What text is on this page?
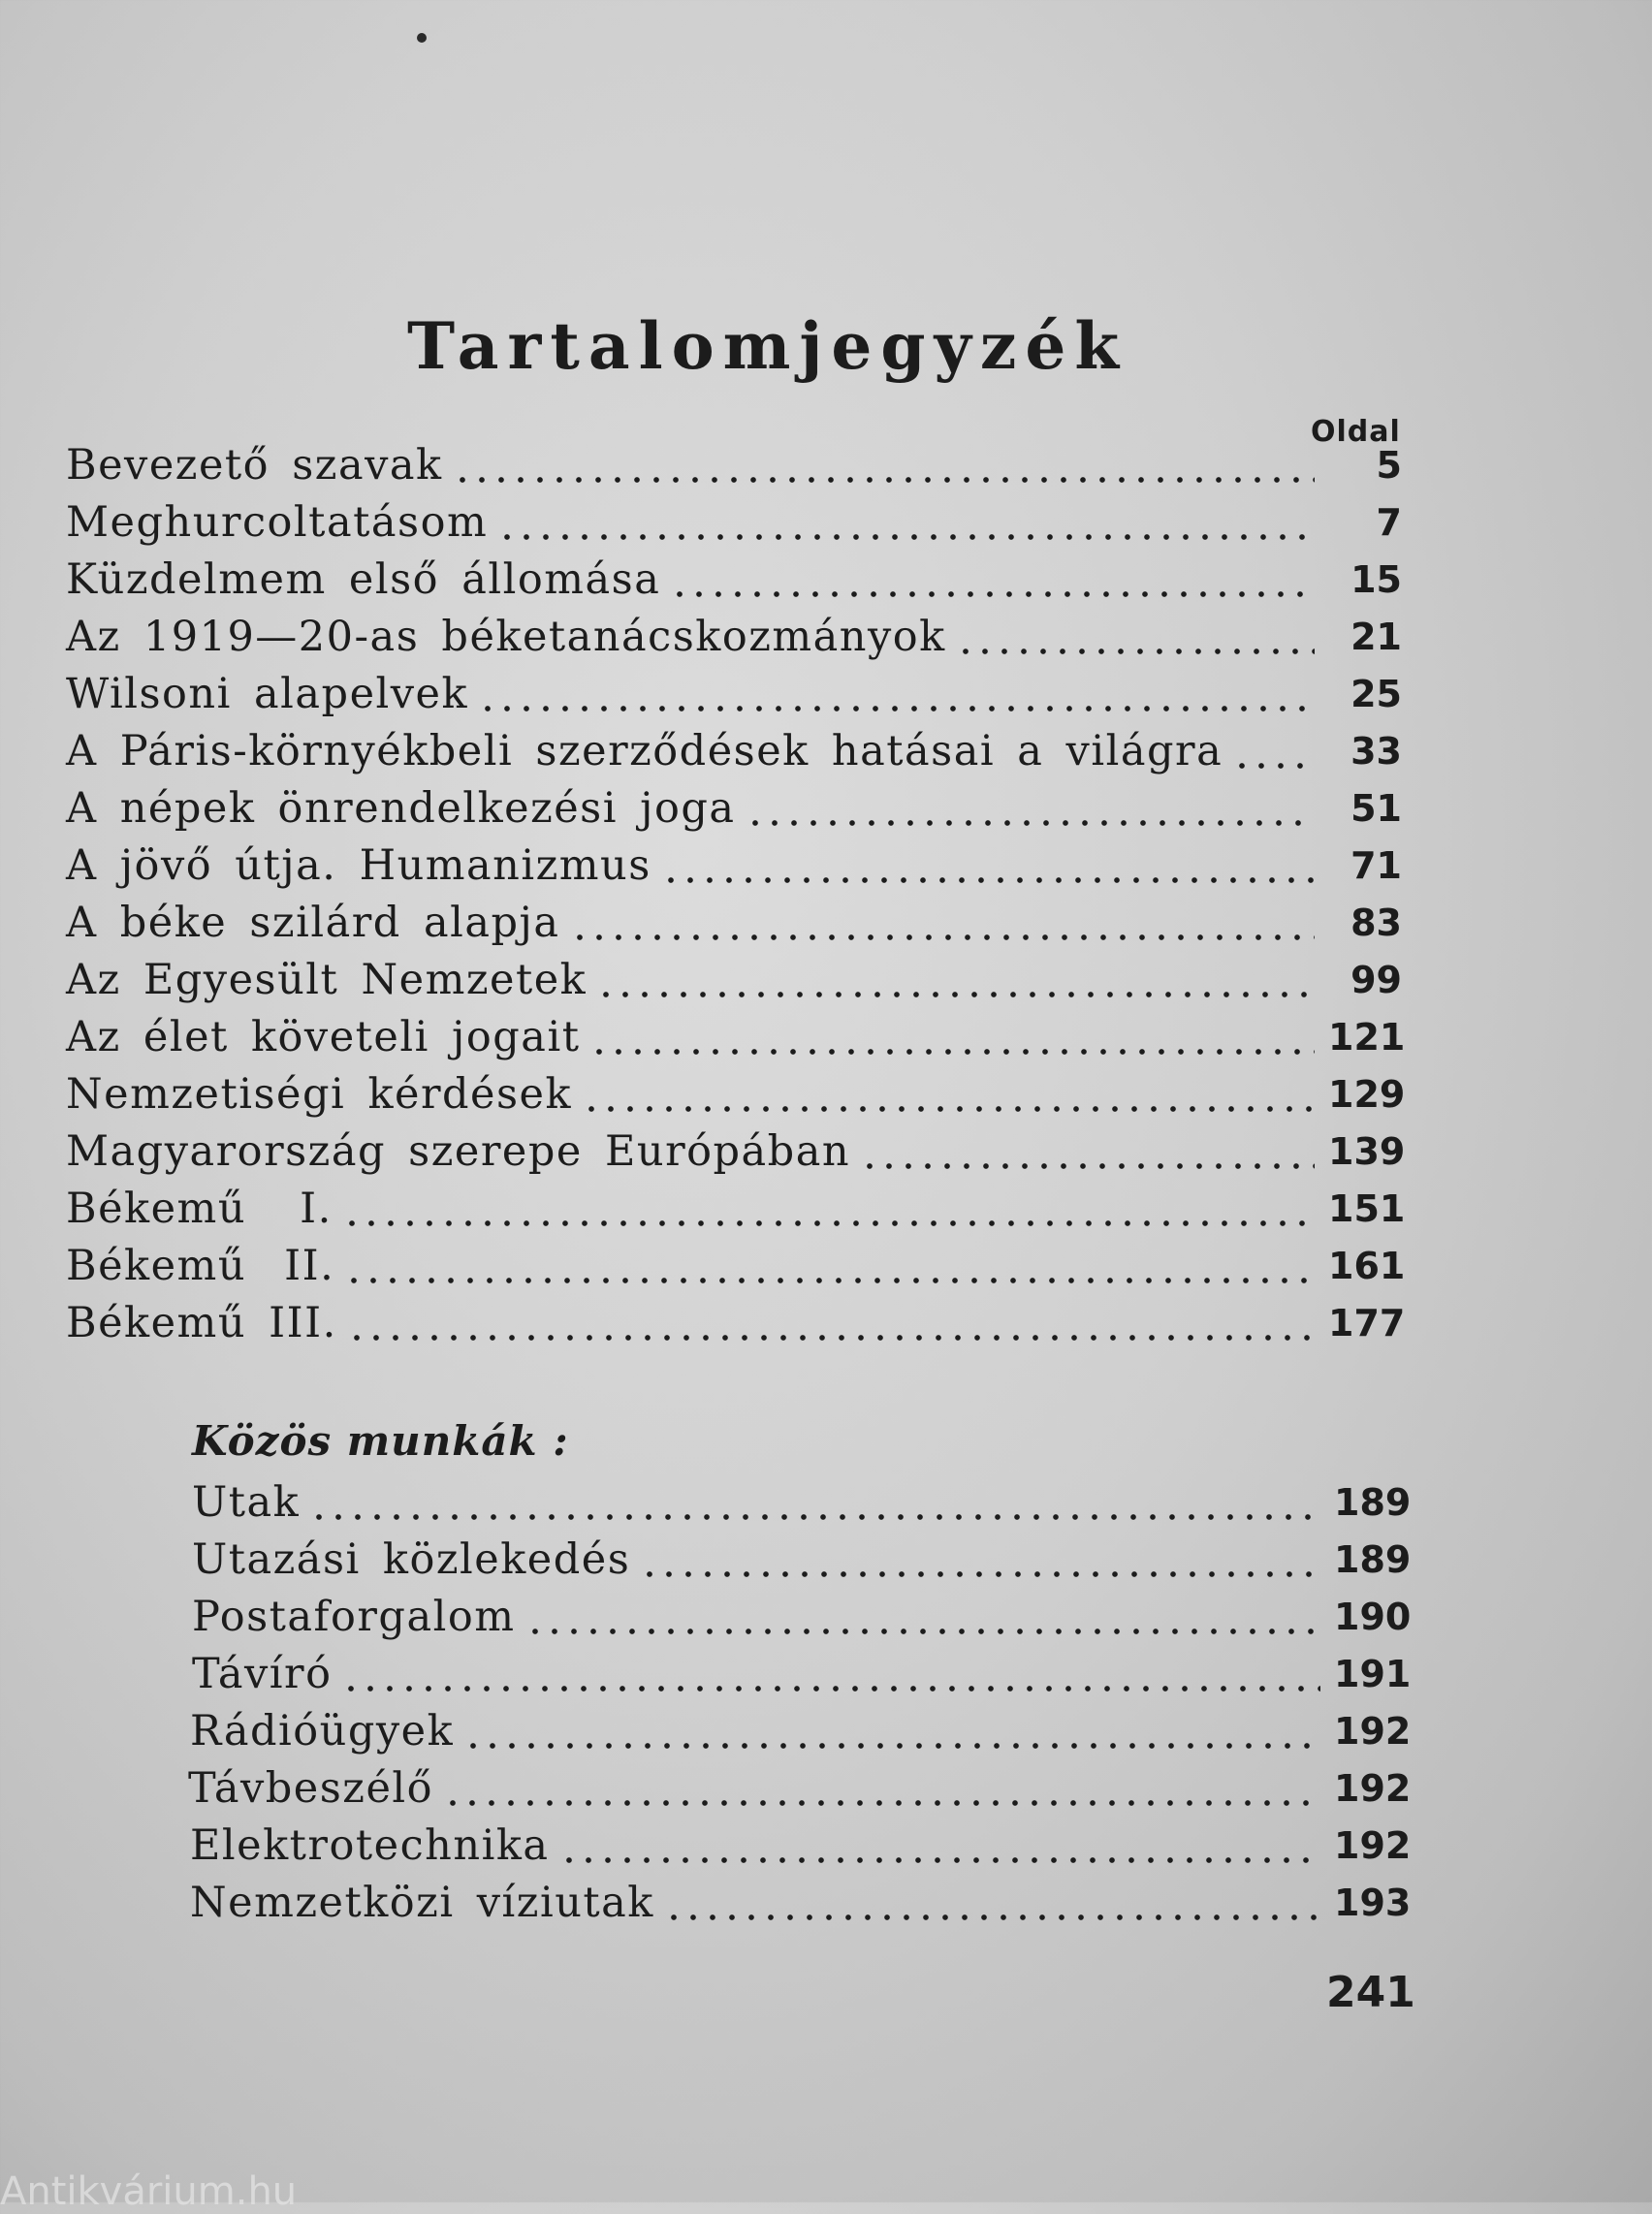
Tartalomjegyzék
Oldal
Bevezető szavak	5
Meghurcoltatásom	7
Küzdelmem első állomása	15
Az 1919—20-as béketanácskozmányok	21
Wilsoni alapelvek	25
A Páris-környékbeli szerződések hatásai a világra	33
A népek önrendelkezési joga	51
A jövő útja. Humanizmus	71
A béke szilárd alapja	83
Az Egyesült Nemzetek	99
Az élet követeli jogait	121
Nemzetiségi kérdések	129
Magyarország szerepe Európában	139
Békemű I.	151
Békemű II.	161
Békemű III.	177
Közös munkák :
Utak	189
Utazási közlekedés	189
Postaforgalom	190
Távíró	191
Rádióügyek	192
Távbeszélő	192
Elektrotechnika	192
Nemzetközi víziutak	193
241
Antikvárium.hu
